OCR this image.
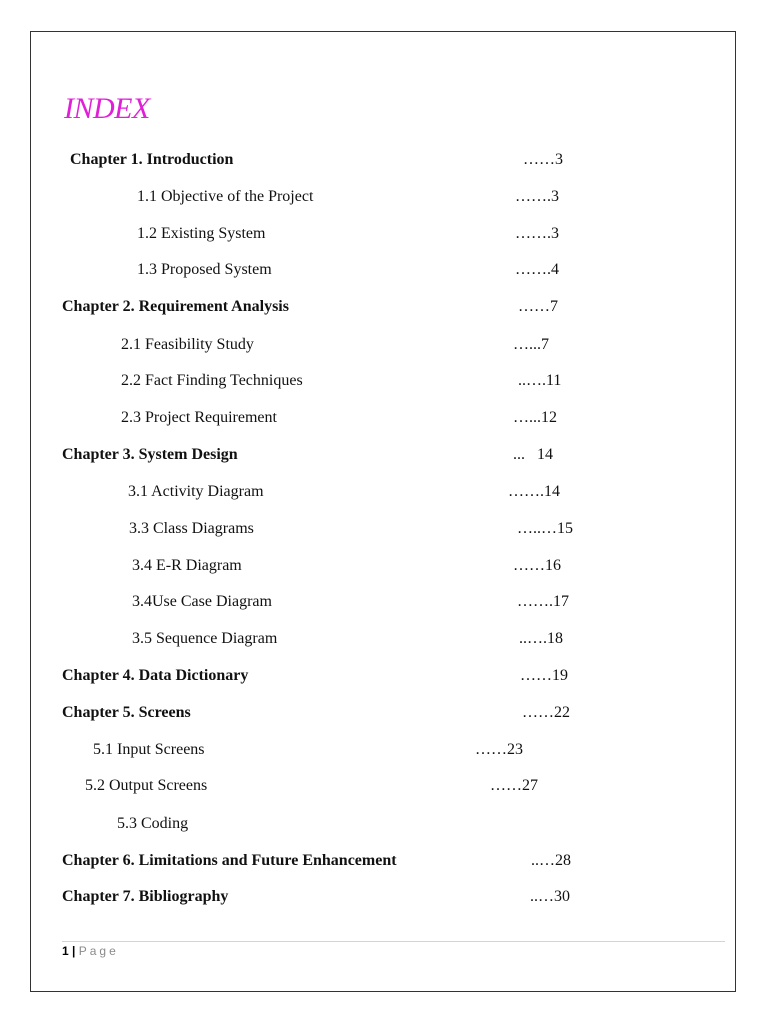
INDEX
Chapter 1. Introduction	……3
1.1 Objective of the Project	…….3
1.2 Existing System	…….3
1.3 Proposed System	…….4
Chapter 2. Requirement Analysis	……7
2.1 Feasibility Study	…...7
2.2 Fact Finding Techniques	..….11
2.3 Project Requirement	…...12
Chapter 3. System Design	...   14
3.1 Activity Diagram	…….14
3.3 Class Diagrams	…..…15
3.4 E-R Diagram	……16
3.4Use Case Diagram	…….17
3.5 Sequence Diagram	..….18
Chapter 4. Data Dictionary	……19
Chapter 5. Screens	……22
5.1 Input Screens	……23
5.2 Output Screens	……27
5.3 Coding
Chapter 6. Limitations and Future Enhancement	..…28
Chapter 7. Bibliography	..…30
1 | Page
